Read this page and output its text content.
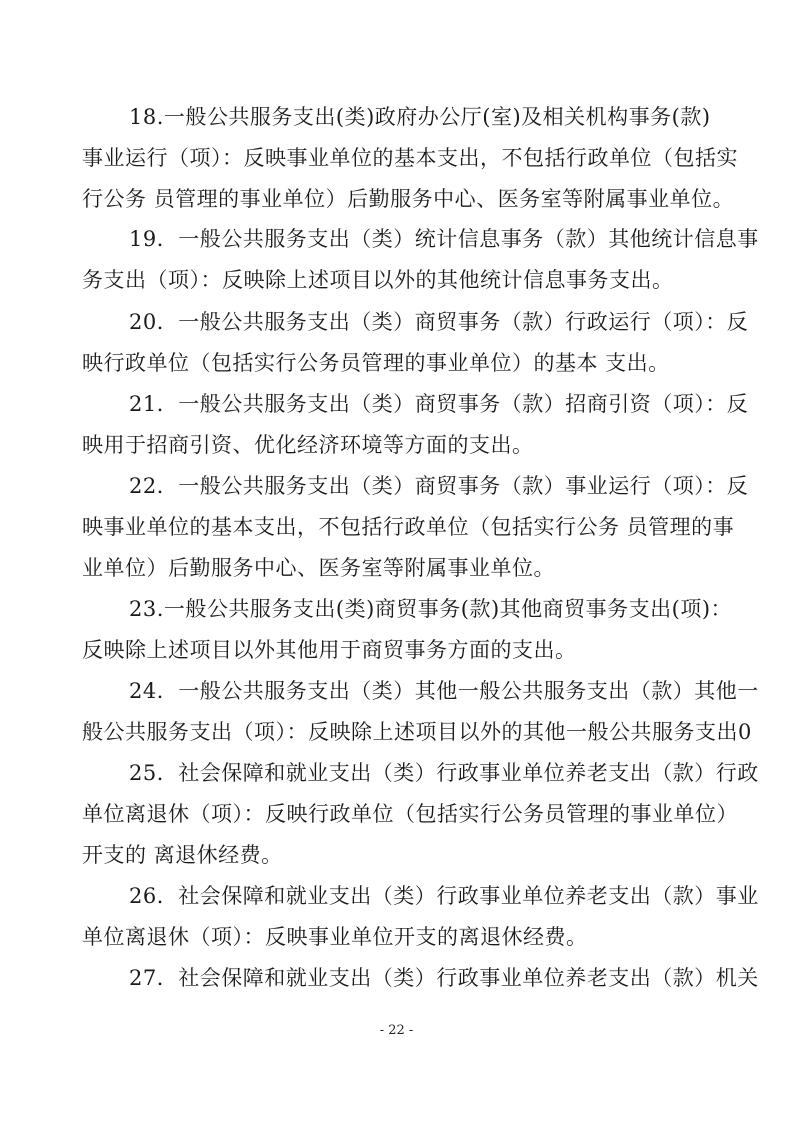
18.一般公共服务支出(类)政府办公厅(室)及相关机构事务(款)
事业运行（项）：反映事业单位的基本支出，不包括行政单位（包括实
行公务 员管理的事业单位）后勤服务中心、医务室等附属事业单位。
19．一般公共服务支出（类）统计信息事务（款）其他统计信息事
务支出（项）：反映除上述项目以外的其他统计信息事务支出。
20．一般公共服务支出（类）商贸事务（款）行政运行（项）：反
映行政单位（包括实行公务员管理的事业单位）的基本 支出。
21．一般公共服务支出（类）商贸事务（款）招商引资（项）：反
映用于招商引资、优化经济环境等方面的支出。
22．一般公共服务支出（类）商贸事务（款）事业运行（项）：反
映事业单位的基本支出，不包括行政单位（包括实行公务 员管理的事
业单位）后勤服务中心、医务室等附属事业单位。
23.一般公共服务支出(类)商贸事务(款)其他商贸事务支出(项)：
反映除上述项目以外其他用于商贸事务方面的支出。
24．一般公共服务支出（类）其他一般公共服务支出（款）其他一
般公共服务支出（项）：反映除上述项目以外的其他一般公共服务支出0
25．社会保障和就业支出（类）行政事业单位养老支出（款）行政
单位离退休（项）：反映行政单位（包括实行公务员管理的事业单位）
开支的 离退休经费。
26．社会保障和就业支出（类）行政事业单位养老支出（款）事业
单位离退休（项）：反映事业单位开支的离退休经费。
27．社会保障和就业支出（类）行政事业单位养老支出（款）机关
- 22 -
